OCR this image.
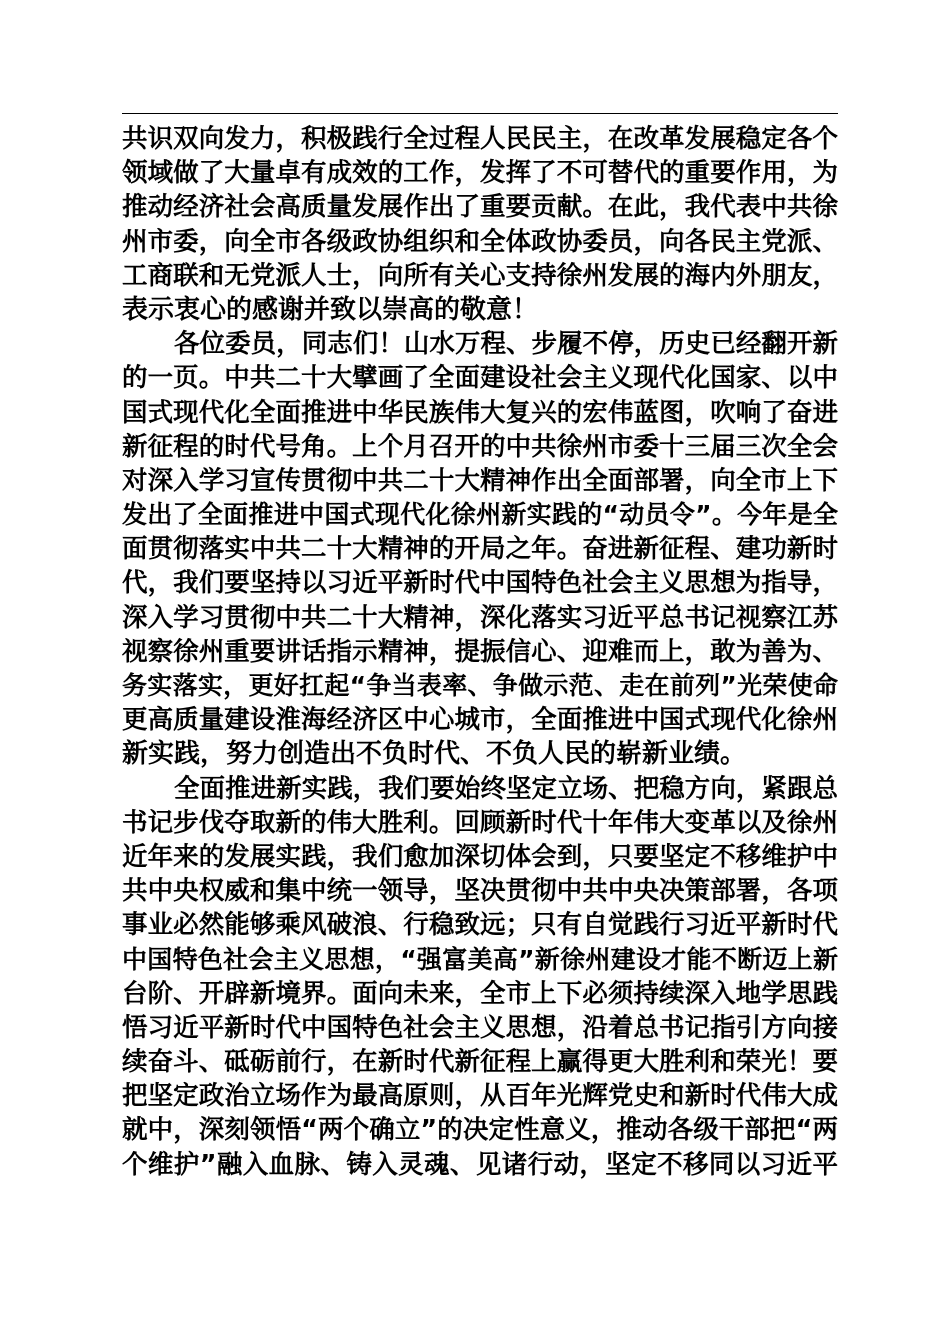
共识双向发力，积极践行全过程人民民主，在改革发展稳定各个
领域做了大量卓有成效的工作，发挥了不可替代的重要作用，为
推动经济社会高质量发展作出了重要贡献。在此，我代表中共徐
州市委，向全市各级政协组织和全体政协委员，向各民主党派、
工商联和无党派人士，向所有关心支持徐州发展的海内外朋友，
表示衷心的感谢并致以崇高的敬意！
各位委员，同志们！山水万程、步履不停，历史已经翻开新
的一页。中共二十大擘画了全面建设社会主义现代化国家、以中
国式现代化全面推进中华民族伟大复兴的宏伟蓝图，吹响了奋进
新征程的时代号角。上个月召开的中共徐州市委十三届三次全会
对深入学习宣传贯彻中共二十大精神作出全面部署，向全市上下
发出了全面推进中国式现代化徐州新实践的“动员令”。今年是全
面贯彻落实中共二十大精神的开局之年。奋进新征程、建功新时
代，我们要坚持以习近平新时代中国特色社会主义思想为指导，
深入学习贯彻中共二十大精神，深化落实习近平总书记视察江苏
视察徐州重要讲话指示精神，提振信心、迎难而上，敢为善为、
务实落实，更好扛起“争当表率、争做示范、走在前列”光荣使命
更高质量建设淮海经济区中心城市，全面推进中国式现代化徐州
新实践，努力创造出不负时代、不负人民的崭新业绩。
全面推进新实践，我们要始终坚定立场、把稳方向，紧跟总
书记步伐夺取新的伟大胜利。回顾新时代十年伟大变革以及徐州
近年来的发展实践，我们愈加深切体会到，只要坚定不移维护中
共中央权威和集中统一领导，坚决贯彻中共中央决策部署，各项
事业必然能够乘风破浪、行稳致远；只有自觉践行习近平新时代
中国特色社会主义思想，“强富美高”新徐州建设才能不断迈上新
台阶、开辟新境界。面向未来，全市上下必须持续深入地学思践
悟习近平新时代中国特色社会主义思想，沿着总书记指引方向接
续奋斗、砥砺前行，在新时代新征程上赢得更大胜利和荣光！要
把坚定政治立场作为最高原则，从百年光辉党史和新时代伟大成
就中，深刻领悟“两个确立”的决定性意义，推动各级干部把“两
个维护”融入血脉、铸入灵魂、见诸行动，坚定不移同以习近平
